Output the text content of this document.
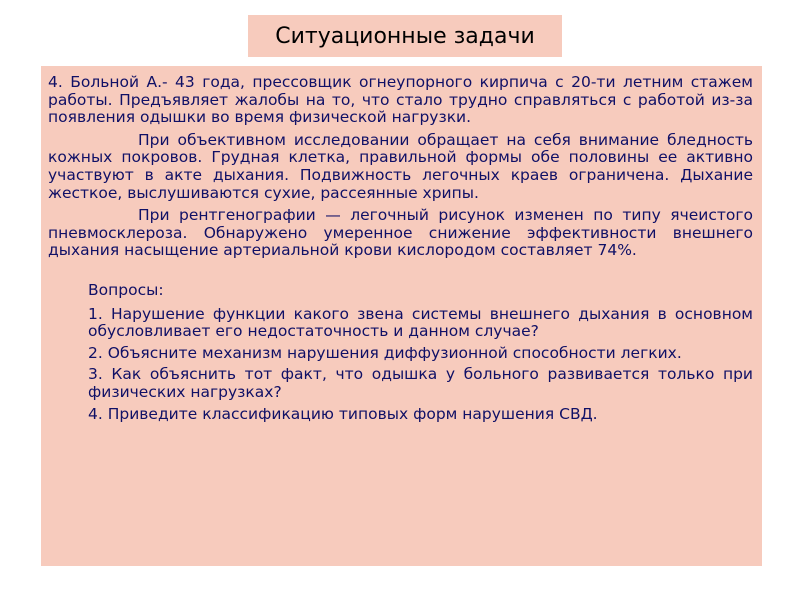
Ситуационные задачи

4. Больной А.- 43 года, прессовщик огнеупорного кирпича с 20-ти летним стажем работы. Предъявляет жалобы на то, что стало трудно справляться с работой из-за появления одышки во время физической нагрузки.

При объективном исследовании обращает на себя внимание бледность кожных покровов. Грудная клетка, правильной формы обе половины ее активно участвуют в акте дыхания. Подвижность легочных краев ограничена. Дыхание жесткое, выслушиваются сухие, рассеянные хрипы.

При рентгенографии — легочный рисунок изменен по типу ячеистого пневмосклероза. Обнаружено умеренное снижение эффективности внешнего дыхания насыщение артериальной крови кислородом составляет 74%.

Вопросы:

1. Нарушение функции какого звена системы внешнего дыхания в основном обусловливает его недостаточность и данном случае?

2. Объясните механизм нарушения диффузионной способности легких.

3. Как объяснить тот факт, что одышка у больного развивается только при физических нагрузках?

4. Приведите классификацию типовых форм нарушения СВД.
